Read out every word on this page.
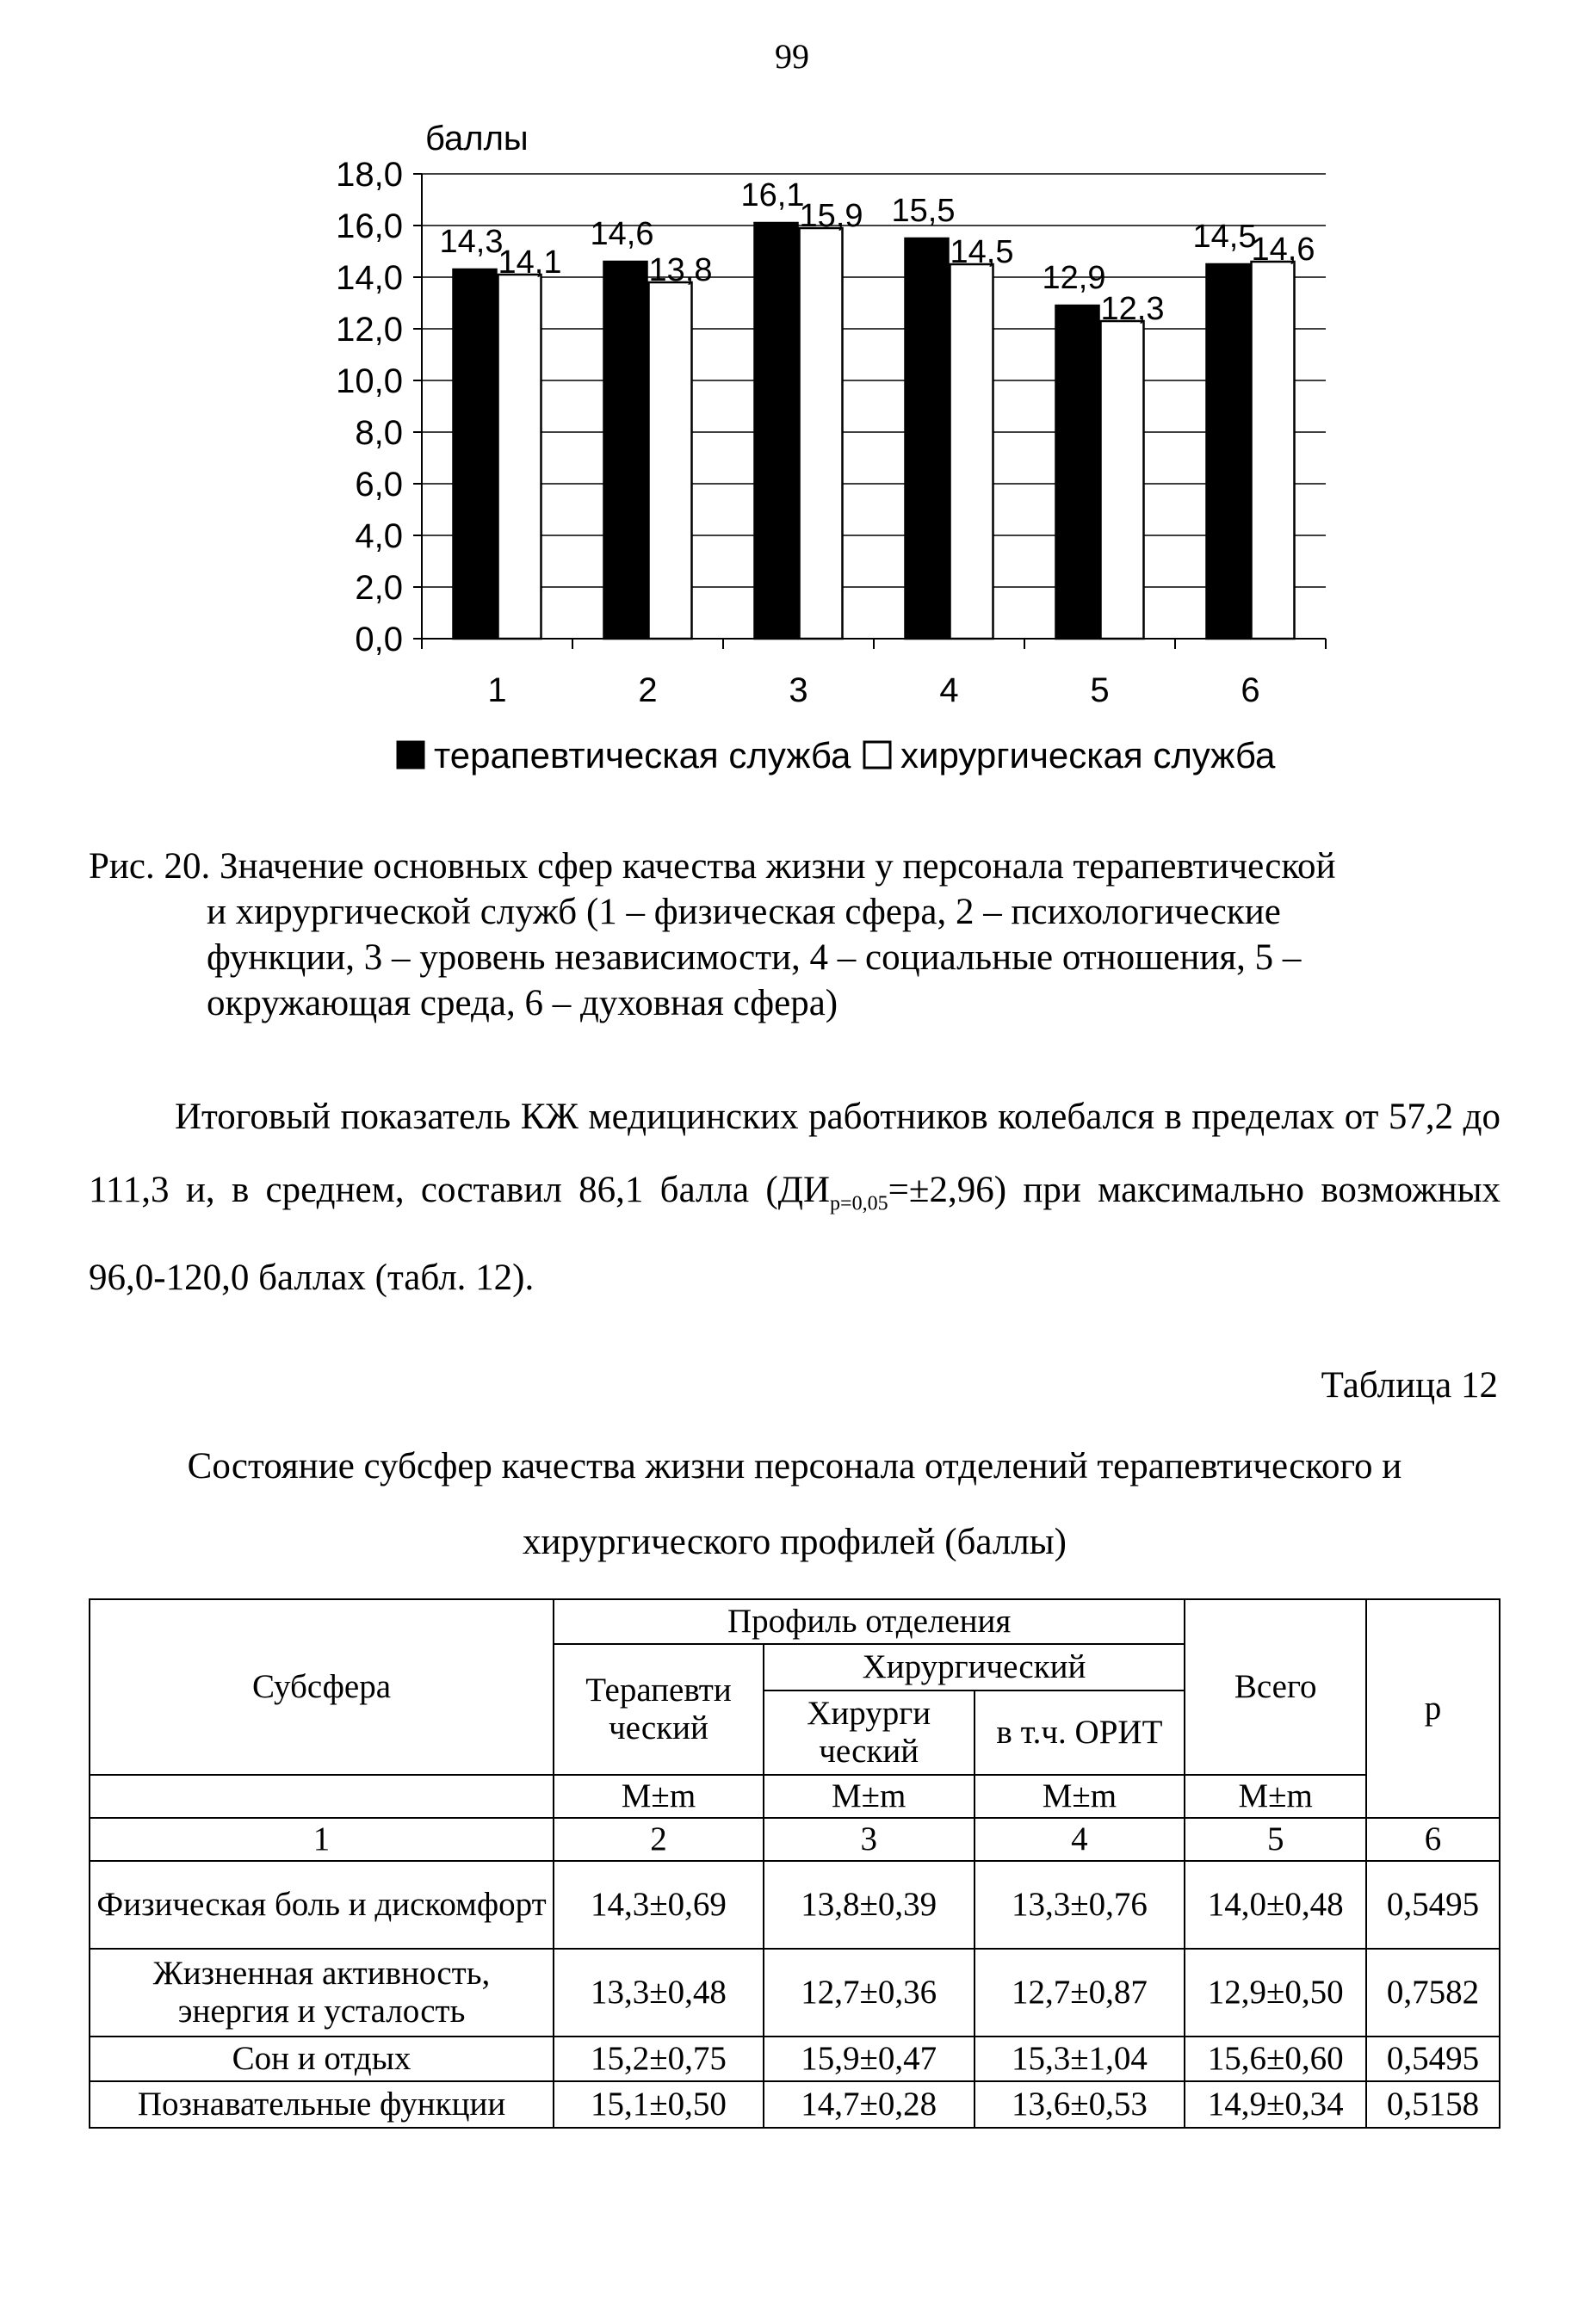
99
18,0
16,0
14,0
12,0
10,0
8,0
6,0
4,0
2,0
0,0
баллы
1
14,3
14,1
2
14,6
13,8
3
16,1
15,9
4
15,5
14,5
5
12,9
12,3
6
14,5
14,6
терапевтическая служба хирургическая служба
Рис. 20. Значение основных сфер качества жизни у персонала терапевтической
и хирургической служб (1 – физическая сфера, 2 – психологические
функции, 3 – уровень независимости, 4 – социальные отношения, 5 –
окружающая среда, 6 – духовная сфера)

Итоговый показатель КЖ медицинских работников колебался в пределах от 57,2 до 111,3 и, в среднем, составил 86,1 балла $(ДИ_{р=0,05}=\pm 2,96)$ при максимально возможных 96,0-120,0 баллах (табл. 12).

Таблица 12
Состояние субсфер качества жизни персонала отделений терапевтического и хирургического профилей (баллы)
Субсфера	Профиль отделения			Всего	p
	Терапевти ческий	Хирургический			
		Хирурги ческий	в т.ч. ОРИТ		
	M±m	M±m	M±m	M±m	
1	2	3	4	5	6
Физическая боль и дискомфорт	14,3±0,69	13,8±0,39	13,3±0,76	14,0±0,48	0,5495
Жизненная активность, энергия и усталость	13,3±0,48	12,7±0,36	12,7±0,87	12,9±0,50	0,7582
Сон и отдых	15,2±0,75	15,9±0,47	15,3±1,04	15,6±0,60	0,5495
Познавательные функции	15,1±0,50	14,7±0,28	13,6±0,53	14,9±0,34	0,5158
